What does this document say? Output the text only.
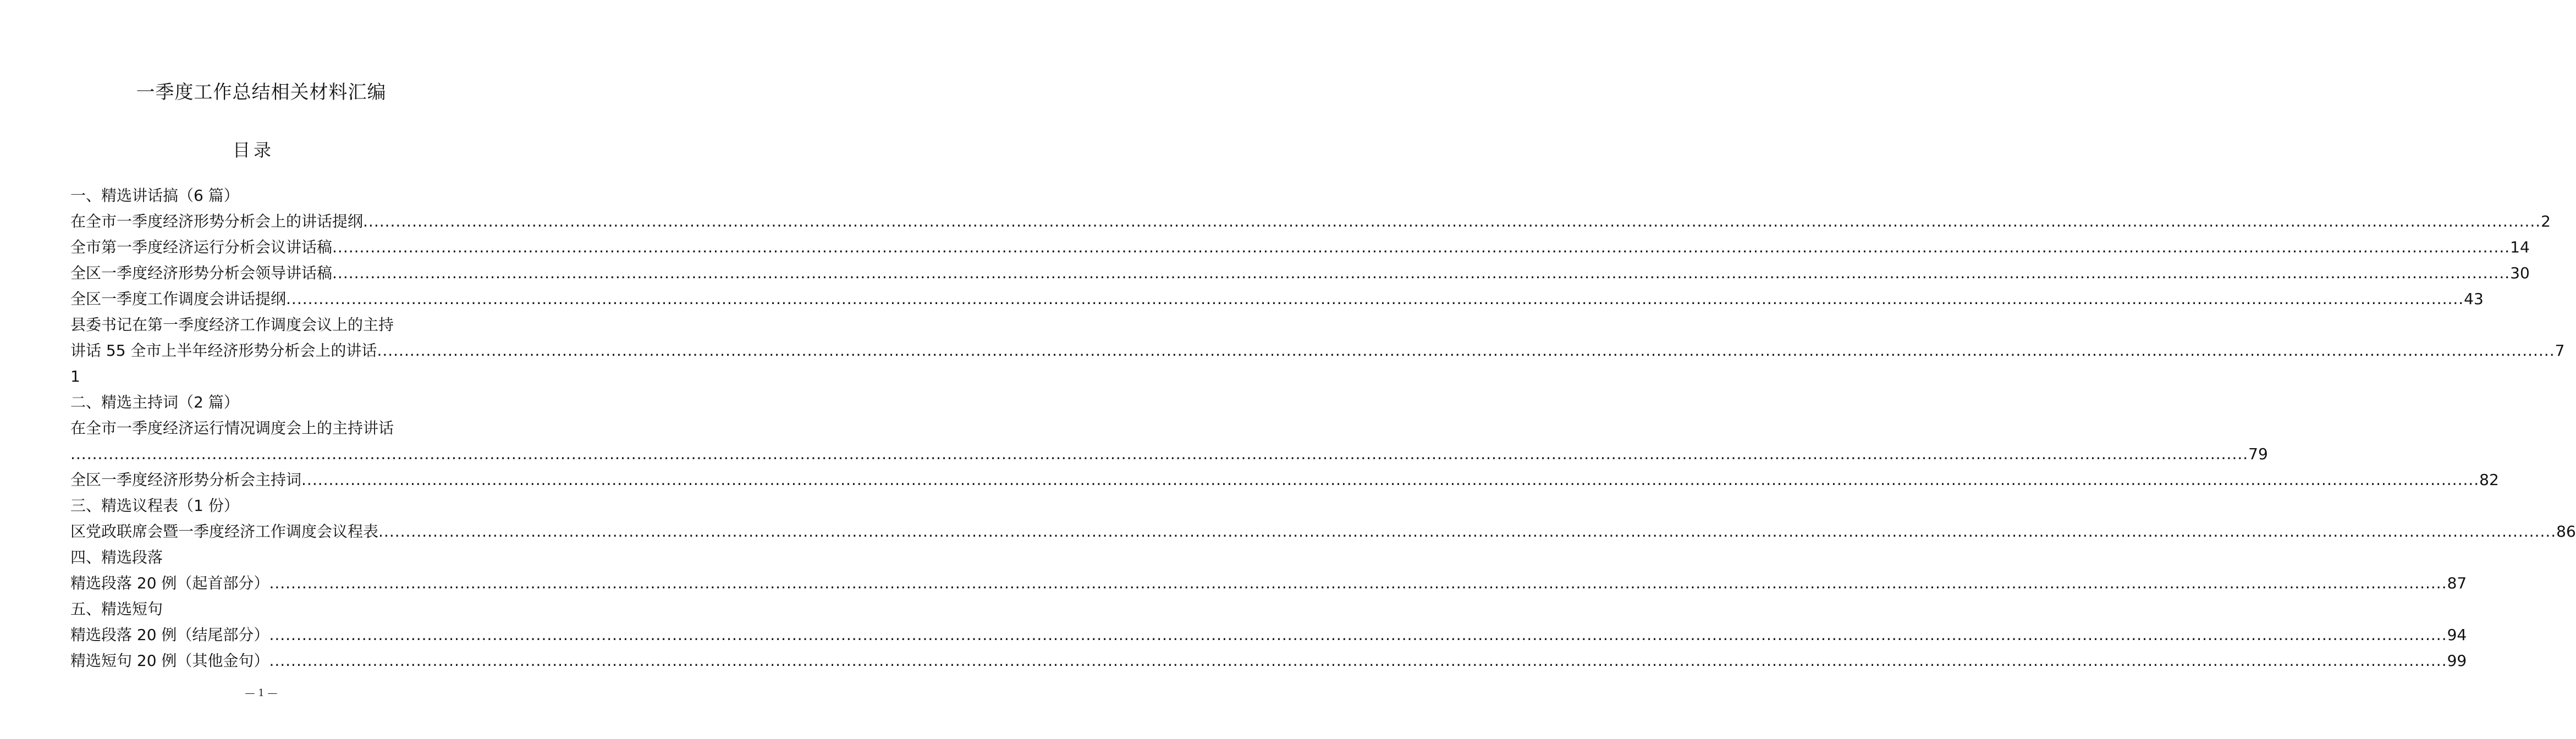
一季度工作总结相关材料汇编
目录
一、精选讲话搞（6 篇）
在全市一季度经济形势分析会上的讲话提纲 ................................................................................................................................................................................................................................................................................................................................................................................................................ 2
全市第一季度经济运行分析会议讲话稿 ................................................................................................................................................................................................................................................................................................................................................................................................................ 14
全区一季度经济形势分析会领导讲话稿 ................................................................................................................................................................................................................................................................................................................................................................................................................ 30
全区一季度工作调度会讲话提纲 ................................................................................................................................................................................................................................................................................................................................................................................................................ 43
县委书记在第一季度经济工作调度会议上的主持
讲话 55 全市上半年经济形势分析会上的讲话 ................................................................................................................................................................................................................................................................................................................................................................................................................ 7
1
二、精选主持词（2 篇）
在全市一季度经济运行情况调度会上的主持讲话
................................................................................................................................................................................................................................................................................................................................................................................................................ 79
全区一季度经济形势分析会主持词 ................................................................................................................................................................................................................................................................................................................................................................................................................ 82
三、精选议程表（1 份）
区党政联席会暨一季度经济工作调度会议程表 ................................................................................................................................................................................................................................................................................................................................................................................................................ 86
四、精选段落
精选段落 20 例（起首部分） ................................................................................................................................................................................................................................................................................................................................................................................................................ 87
五、精选短句
精选段落 20 例（结尾部分） ................................................................................................................................................................................................................................................................................................................................................................................................................ 94
精选短句 20 例（其他金句） ................................................................................................................................................................................................................................................................................................................................................................................................................ 99
— 1 —
